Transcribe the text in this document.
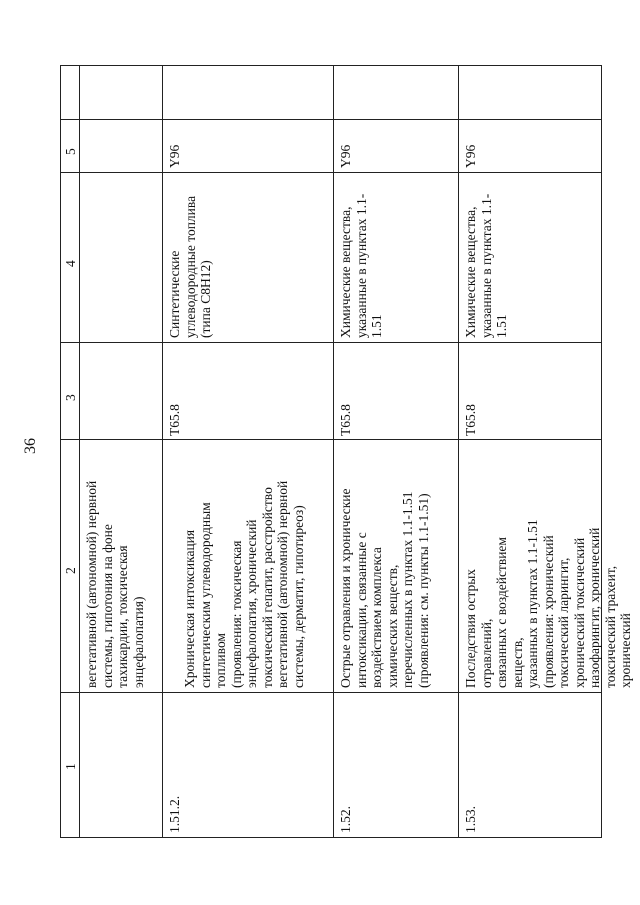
36
1
2
3
4
5
вегетативной (автономной) нервной
системы, гипотония на фоне
тахикардии, токсическая
энцефалопатия)
1.51.2.
Хроническая интоксикация
синтетическим углеводородным
топливом
(проявления: токсическая
энцефалопатия, хронический
токсический гепатит, расстройство
вегетативной (автономной) нервной
системы, дерматит, гипотиреоз)
Т65.8
Синтетические
углеводородные топлива
(типа С8Н12)
Y96
1.52.
Острые отравления и хронические
интоксикации, связанные с
воздействием комплекса
химических веществ,
перечисленных в пунктах 1.1-1.51
(проявления: см. пункты 1.1-1.51)
Т65.8
Химические вещества,
указанные в пунктах 1.1-
1.51
Y96
1.53.
Последствия острых отравлений,
связанных с воздействием веществ,
указанных в пунктах 1.1-1.51
(проявления: хронический
токсический ларингит,
хронический токсический
назофарингит, хронический
токсический трахеит, хронический
Т65.8
Химические вещества,
указанные в пунктах 1.1-
1.51
Y96
